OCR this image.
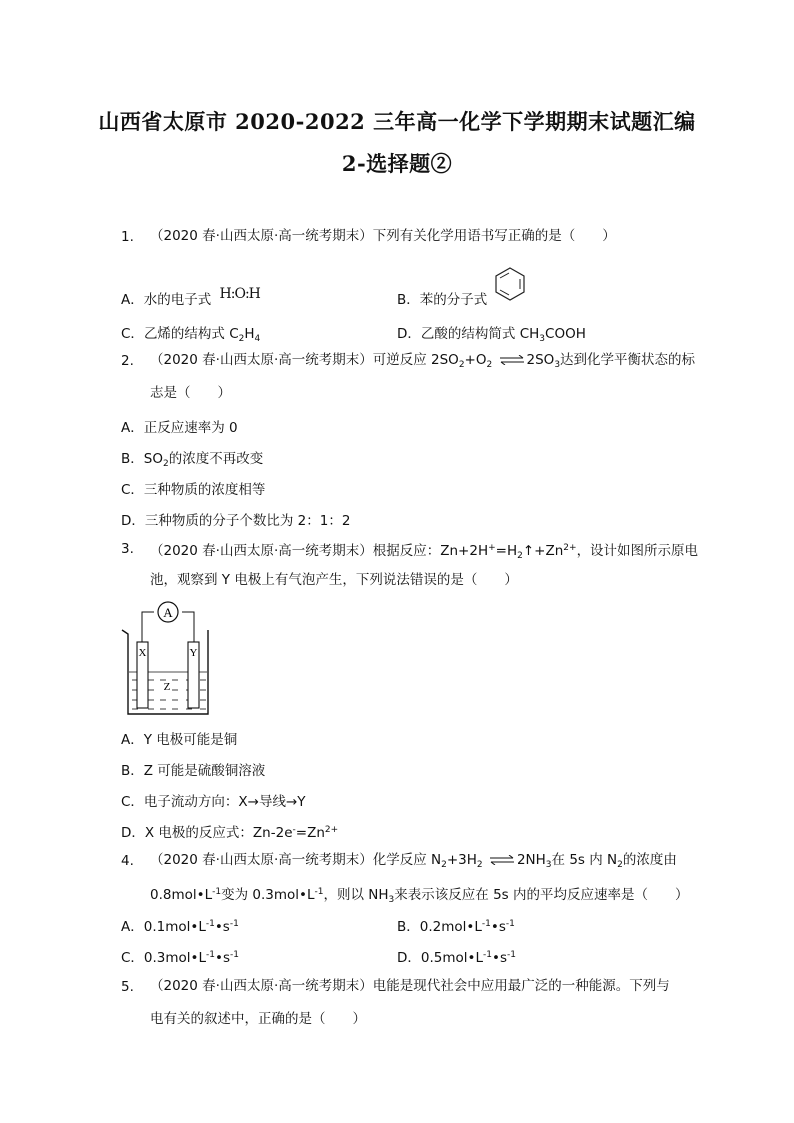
山西省太原市 2020-2022 三年高一化学下学期期末试题汇编
2-选择题②
1. （2020 春·山西太原·高一统考期末）下列有关化学用语书写正确的是（　　）
A．水的电子式 H:O:H	B．苯的分子式
C．乙烯的结构式 $C_2H_4$	D．乙酸的结构简式 $CH_3COOH$
2. （2020 春·山西太原·高一统考期末）可逆反应 $2SO_2+O_2$ ⇌ $2SO_3$达到化学平衡状态的标
志是（　　）
A．正反应速率为 0
B．$SO_2$的浓度不再改变
C．三种物质的浓度相等
D．三种物质的分子个数比为 2：1：2
3. （2020 春·山西太原·高一统考期末）根据反应：$Zn+2H^+=H_2↑+Zn^{2+}$，设计如图所示原电
池，观察到 Y 电极上有气泡产生，下列说法错误的是（　　）
A
X	Y
Z
A．Y 电极可能是铜
B．Z 可能是硫酸铜溶液
C．电子流动方向：X→导线→Y
D．X 电极的反应式：$Zn-2e^-=Zn^{2+}$
4. （2020 春·山西太原·高一统考期末）化学反应 $N_2+3H_2$ ⇌ $2NH_3$在 5s 内 $N_2$的浓度由
$0.8mol•L^{-1}$变为 $0.3mol•L^{-1}$，则以 $NH_3$来表示该反应在 5s 内的平均反应速率是（　　）
A．$0.1mol•L^{-1}•s^{-1}$	B．$0.2mol•L^{-1}•s^{-1}$
C．$0.3mol•L^{-1}•s^{-1}$	D．$0.5mol•L^{-1}•s^{-1}$
5. （2020 春·山西太原·高一统考期末）电能是现代社会中应用最广泛的一种能源。下列与
电有关的叙述中，正确的是（　　）
